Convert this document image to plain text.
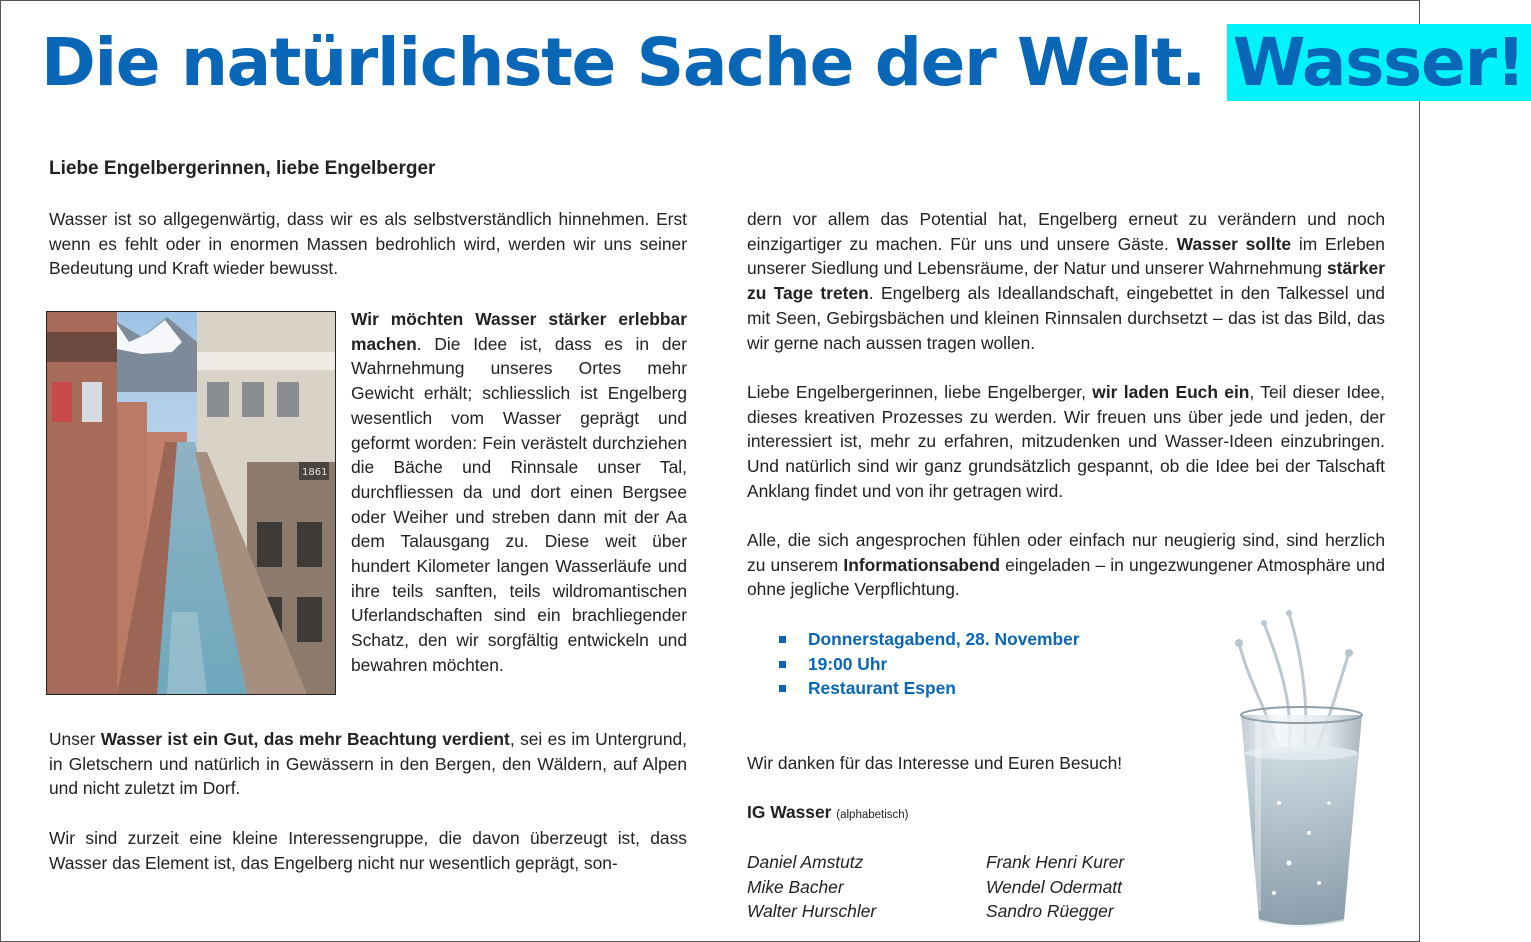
Die natürlichste Sache der Welt. Wasser!
Liebe Engelbergerinnen, liebe Engelberger

Wasser ist so allgegenwärtig, dass wir es als selbstverständlich hinnehmen. Erst wenn es fehlt oder in enormen Massen bedrohlich wird, werden wir uns seiner Bedeutung und Kraft wieder bewusst.

1861

Wir möchten Wasser stärker erlebbar machen. Die Idee ist, dass es in der Wahrnehmung unseres Ortes mehr Gewicht erhält; schliesslich ist Engelberg wesentlich vom Wasser geprägt und geformt worden: Fein verästelt durchziehen die Bäche und Rinnsale unser Tal, durchfliessen da und dort einen Bergsee oder Weiher und streben dann mit der Aa dem Talausgang zu. Diese weit über hundert Kilometer langen Wasserläufe und ihre teils sanften, teils wildromantischen Uferlandschaften sind ein brachliegender Schatz, den wir sorgfältig entwickeln und bewahren möchten.

Unser Wasser ist ein Gut, das mehr Beachtung verdient, sei es im Untergrund, in Gletschern und natürlich in Gewässern in den Bergen, den Wäldern, auf Alpen und nicht zuletzt im Dorf.

Wir sind zurzeit eine kleine Interessengruppe, die davon überzeugt ist, dass Wasser das Element ist, das Engelberg nicht nur wesentlich geprägt, son-

dern vor allem das Potential hat, Engelberg erneut zu verändern und noch einzigartiger zu machen. Für uns und unsere Gäste. Wasser sollte im Erleben unserer Siedlung und Lebensräume, der Natur und unserer Wahrnehmung stärker zu Tage treten. Engelberg als Ideallandschaft, eingebettet in den Talkessel und mit Seen, Gebirgsbächen und kleinen Rinnsalen durchsetzt – das ist das Bild, das wir gerne nach aussen tragen wollen.

Liebe Engelbergerinnen, liebe Engelberger, wir laden Euch ein, Teil dieser Idee, dieses kreativen Prozesses zu werden. Wir freuen uns über jede und jeden, der interessiert ist, mehr zu erfahren, mitzudenken und Wasser-Ideen einzubringen. Und natürlich sind wir ganz grundsätzlich gespannt, ob die Idee bei der Talschaft Anklang findet und von ihr getragen wird.

Alle, die sich angesprochen fühlen oder einfach nur neugierig sind, sind herzlich zu unserem Informationsabend eingeladen – in ungezwungener Atmosphäre und ohne jegliche Verpflichtung.

Donnerstagabend, 28. November
19:00 Uhr
Restaurant Espen

Wir danken für das Interesse und Euren Besuch!

IG Wasser (alphabetisch)

Daniel Amstutz
Mike Bacher
Walter Hurschler
Frank Henri Kurer
Wendel Odermatt
Sandro Rüegger
